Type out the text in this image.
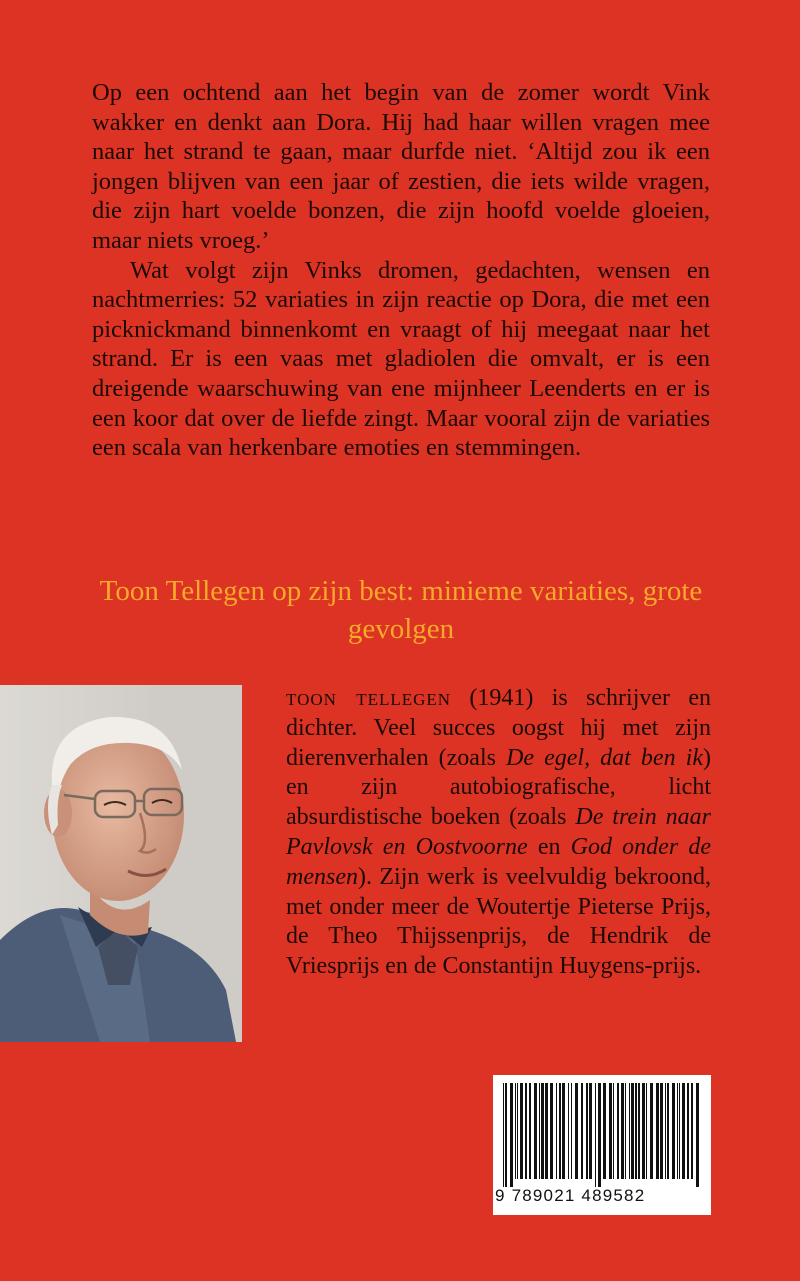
Op een ochtend aan het begin van de zomer wordt Vink wakker en denkt aan Dora. Hij had haar willen vragen mee naar het strand te gaan, maar durfde niet. ‘Altijd zou ik een jongen blijven van een jaar of zestien, die iets wilde vragen, die zijn hart voelde bonzen, die zijn hoofd voelde gloeien, maar niets vroeg.’

Wat volgt zijn Vinks dromen, gedachten, wensen en nachtmerries: 52 variaties in zijn reactie op Dora, die met een picknickmand binnenkomt en vraagt of hij meegaat naar het strand. Er is een vaas met gladiolen die omvalt, er is een dreigende waarschuwing van ene mijnheer Leenderts en er is een koor dat over de liefde zingt. Maar vooral zijn de variaties een scala van herkenbare emoties en stemmingen.

Toon Tellegen op zijn best: minieme variaties, grote gevolgen

toon tellegen (1941) is schrijver en dichter. Veel succes oogst hij met zijn dierenverhalen (zoals De egel, dat ben ik) en zijn autobiografische, licht absurdistische boeken (zoals De trein naar Pavlovsk en Oostvoorne en God onder de mensen). Zijn werk is veelvuldig bekroond, met onder meer de Woutertje Pieterse Prijs, de Theo Thijssenprijs, de Hendrik de Vriesprijs en de Constantijn Huygens-prijs.

9 789021 489582
